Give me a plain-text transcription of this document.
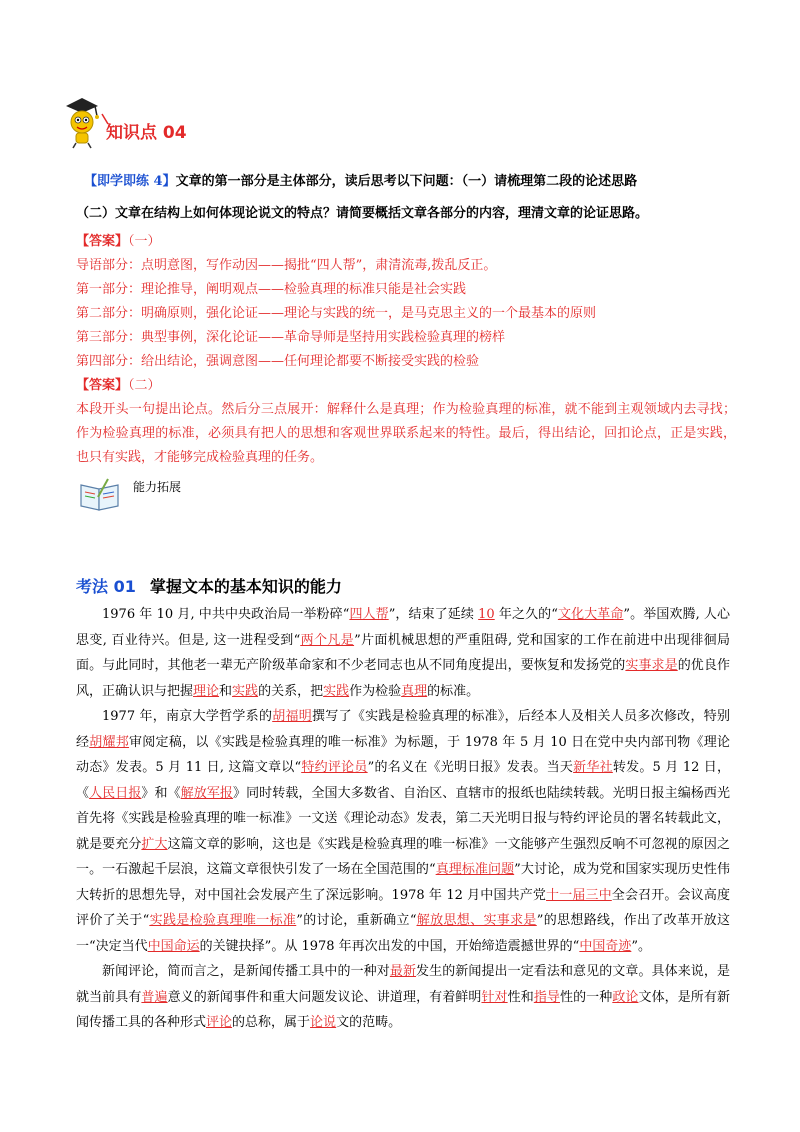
知识点 04
【即学即练 4】文章的第一部分是主体部分，读后思考以下问题：（一）请梳理第二段的论述思路
（二）文章在结构上如何体现论说文的特点？请简要概括文章各部分的内容，理清文章的论证思路。
【答案】（一）
导语部分：点明意图，写作动因——揭批“四人帮”，肃清流毒,拨乱反正。
第一部分：理论推导，阐明观点——检验真理的标准只能是社会实践
第二部分：明确原则，强化论证——理论与实践的统一，是马克思主义的一个最基本的原则
第三部分：典型事例，深化论证——革命导师是坚持用实践检验真理的榜样
第四部分：给出结论，强调意图——任何理论都要不断接受实践的检验
【答案】（二）
本段开头一句提出论点。然后分三点展开：解释什么是真理；作为检验真理的标准，就不能到主观领域内去寻找；作为检验真理的标准，必须具有把人的思想和客观世界联系起来的特性。最后，得出结论，回扣论点，正是实践，也只有实践，才能够完成检验真理的任务。
能力拓展
考法 01 掌握文本的基本知识的能力

1976 年 10 月, 中共中央政治局一举粉碎“四人帮”，结束了延续 10 年之久的“文化大革命”。举国欢腾, 人心思变, 百业待兴。但是, 这一进程受到“两个凡是”片面机械思想的严重阻碍, 党和国家的工作在前进中出现徘徊局面。与此同时，其他老一辈无产阶级革命家和不少老同志也从不同角度提出，要恢复和发扬党的实事求是的优良作风，正确认识与把握理论和实践的关系，把实践作为检验真理的标准。

1977 年，南京大学哲学系的胡福明撰写了《实践是检验真理的标准》，后经本人及相关人员多次修改，特别经胡耀邦审阅定稿，以《实践是检验真理的唯一标准》为标题，于 1978 年 5 月 10 日在党中央内部刊物《理论动态》发表。5 月 11 日, 这篇文章以“特约评论员”的名义在《光明日报》发表。当天新华社转发。5 月 12 日，《人民日报》和《解放军报》同时转载，全国大多数省、自治区、直辖市的报纸也陆续转载。光明日报主编杨西光首先将《实践是检验真理的唯一标准》一文送《理论动态》发表，第二天光明日报与特约评论员的署名转载此文，就是要充分扩大这篇文章的影响，这也是《实践是检验真理的唯一标准》一文能够产生强烈反响不可忽视的原因之一。一石激起千层浪，这篇文章很快引发了一场在全国范围的“真理标准问题”大讨论，成为党和国家实现历史性伟大转折的思想先导，对中国社会发展产生了深远影响。1978 年 12 月中国共产党十一届三中全会召开。会议高度评价了关于“实践是检验真理唯一标准”的讨论，重新确立“解放思想、实事求是”的思想路线，作出了改革开放这一“决定当代中国命运的关键抉择”。从 1978 年再次出发的中国，开始缔造震撼世界的“中国奇迹”。

新闻评论，简而言之，是新闻传播工具中的一种对最新发生的新闻提出一定看法和意见的文章。具体来说，是就当前具有普遍意义的新闻事件和重大问题发议论、讲道理，有着鲜明针对性和指导性的一种政论文体，是所有新闻传播工具的各种形式评论的总称，属于论说文的范畴。
